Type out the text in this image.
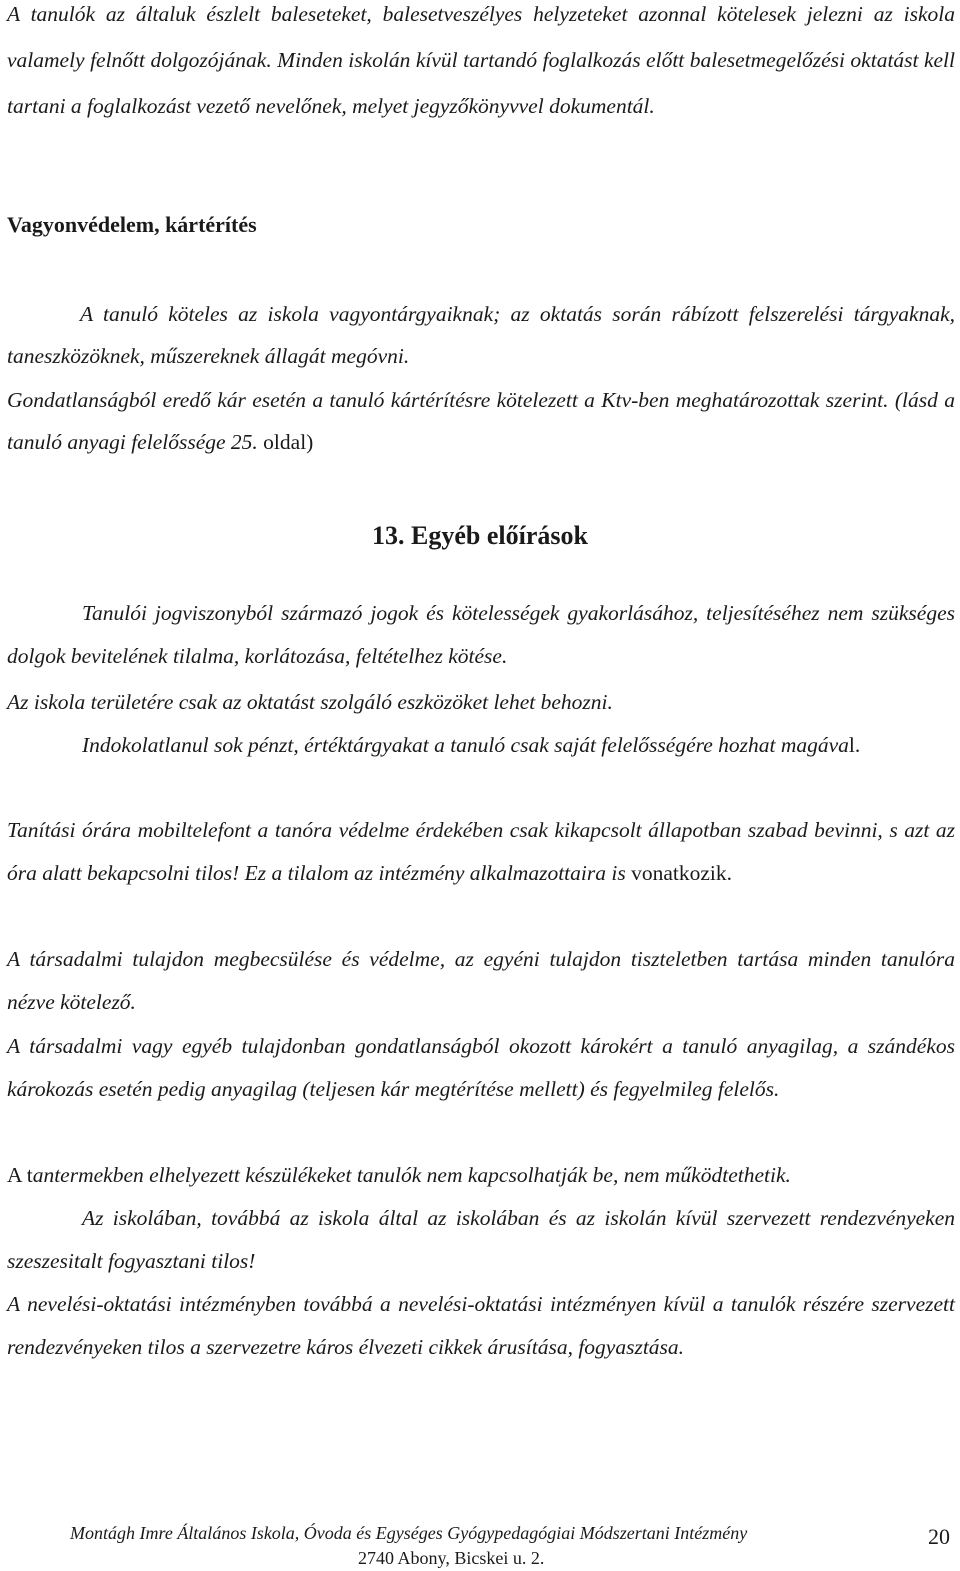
A tanulók az általuk észlelt baleseteket, balesetveszélyes helyzeteket azonnal kötelesek jelezni az iskola valamely felnőtt dolgozójának. Minden iskolán kívül tartandó foglalkozás előtt balesetmegelőzési oktatást kell tartani a foglalkozást vezető nevelőnek, melyet jegyzőkönyvvel dokumentál.
Vagyonvédelem, kártérítés
A tanuló köteles az iskola vagyontárgyaiknak; az oktatás során rábízott felszerelési tárgyaknak, taneszközöknek, műszereknek állagát megóvni.
Gondatlanságból eredő kár esetén a tanuló kártérítésre kötelezett a Ktv-ben meghatározottak szerint. (lásd a tanuló anyagi felelőssége 25. oldal)
13. Egyéb előírások
Tanulói jogviszonyból származó jogok és kötelességek gyakorlásához, teljesítéséhez nem szükséges dolgok bevitelének tilalma, korlátozása, feltételhez kötése.
Az iskola területére csak az oktatást szolgáló eszközöket lehet behozni.
Indokolatlanul sok pénzt, értéktárgyakat a tanuló csak saját felelősségére hozhat magával.
Tanítási órára mobiltelefont a tanóra védelme érdekében csak kikapcsolt állapotban szabad bevinni, s azt az óra alatt bekapcsolni tilos! Ez a tilalom az intézmény alkalmazottaira is vonatkozik.
A társadalmi tulajdon megbecsülése és védelme, az egyéni tulajdon tiszteletben tartása minden tanulóra nézve kötelező.
A társadalmi vagy egyéb tulajdonban gondatlanságból okozott károkért a tanuló anyagilag, a szándékos károkozás esetén pedig anyagilag (teljesen kár megtérítése mellett) és fegyelmileg felelős.
A tantermekben elhelyezett készülékeket tanulók nem kapcsolhatják be, nem működtethetik.
Az iskolában, továbbá az iskola által az iskolában és az iskolán kívül szervezett rendezvényeken szeszesitalt fogyasztani tilos!
A nevelési-oktatási intézményben továbbá a nevelési-oktatási intézményen kívül a tanulók részére szervezett rendezvényeken tilos a szervezetre káros élvezeti cikkek árusítása, fogyasztása.
Montágh Imre Általános Iskola, Óvoda és Egységes Gyógypedagógiai Módszertani Intézmény
2740 Abony, Bicskei u. 2.
20
